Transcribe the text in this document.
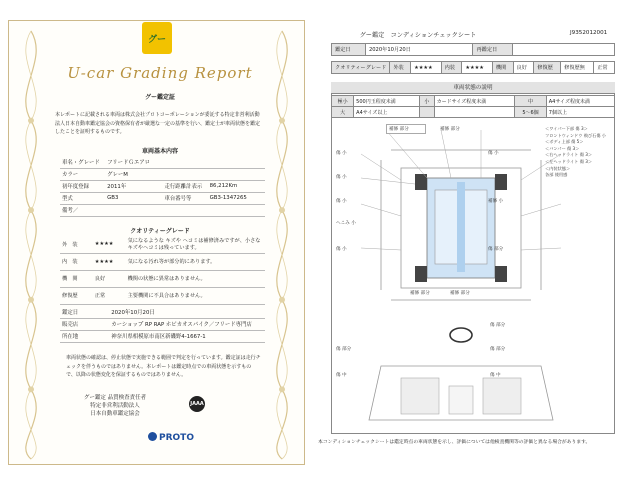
グー
U-car Grading Report
グー鑑定証
本レポートに記載される車両は株式会社プロトコーポレーションが委託する特定非営利活動法人日本自動車鑑定協会の資格保有者が厳選な一定の基準を行い、鑑定士が車両状態を鑑定したことを証明するものです。
車両基本内容
車名・グレード	フリードＧエアロ		
カラー	グレーM		
初年度登録	2011年	走行距離計表示	86,212Km
型式	GB3	車台番号等	GB3-1347265
備考／			
クオリティーグレード
外　装	★★★★	気になるような キズや ヘコミは補修済みですが、小さなキズやヘコミは残っています。
内　装	★★★★	気になる汚れ等が部分的にあります。
機　関	良好	機関の状態に異常はありません。
修復歴	正常	主要機関に不具合はありません。
鑑定日	2020年10月20日
販売店	カーショップ RP RAP ホビカオスパイク／フリード専門店
所在地	神奈川県相模原市南区新磯野4-1667-1
車両状態の確認は、停止状態で実施できる範囲で判定を行っています。鑑定証は走行チェックを伴うものではありません。本レポートは鑑定時点での車両状態を示すもので、以降の状態変化を保証するものではありません。
グー鑑定 品質検査責任者
特定非営利活動法人
日本自動車鑑定協会
JAAA
PROTO
グー鑑定　コンディションチェックシート	J9352012001
鑑定日	2020年10月20日	再鑑定日	
クオリティーグレード	外装	★★★★	内装	★★★★	機関	良好	修復歴	修復歴無	正常
車両状態の説明
極小	500円玉程度未満	小	カードサイズ程度未満	中	A4サイズ程度未満
大	A4サイズ以上			5〜6個	7個以上
補修 部分	補修 部分
傷 小
傷 小
傷 小
へこみ 小
傷 小
傷 小
補修 小
傷 部分
補修 部分	補修 部分
傷 部分
傷 部分
傷 部分
傷 中	傷 中
＜ワイパー下部 傷 3＞
フロントウィンドウ 飛び石傷 小
＜ボディ上部 傷 5＞
＜バンパー 傷 3＞
＜右ヘッドライト 傷 3＞
＜左ヘッドライト 傷 3＞
＜内装状態＞
各部 使用感
本コンディションチェックシートは鑑定時点の車両状態を示し、評価については他検査機関等の評価と異なる場合があります。
